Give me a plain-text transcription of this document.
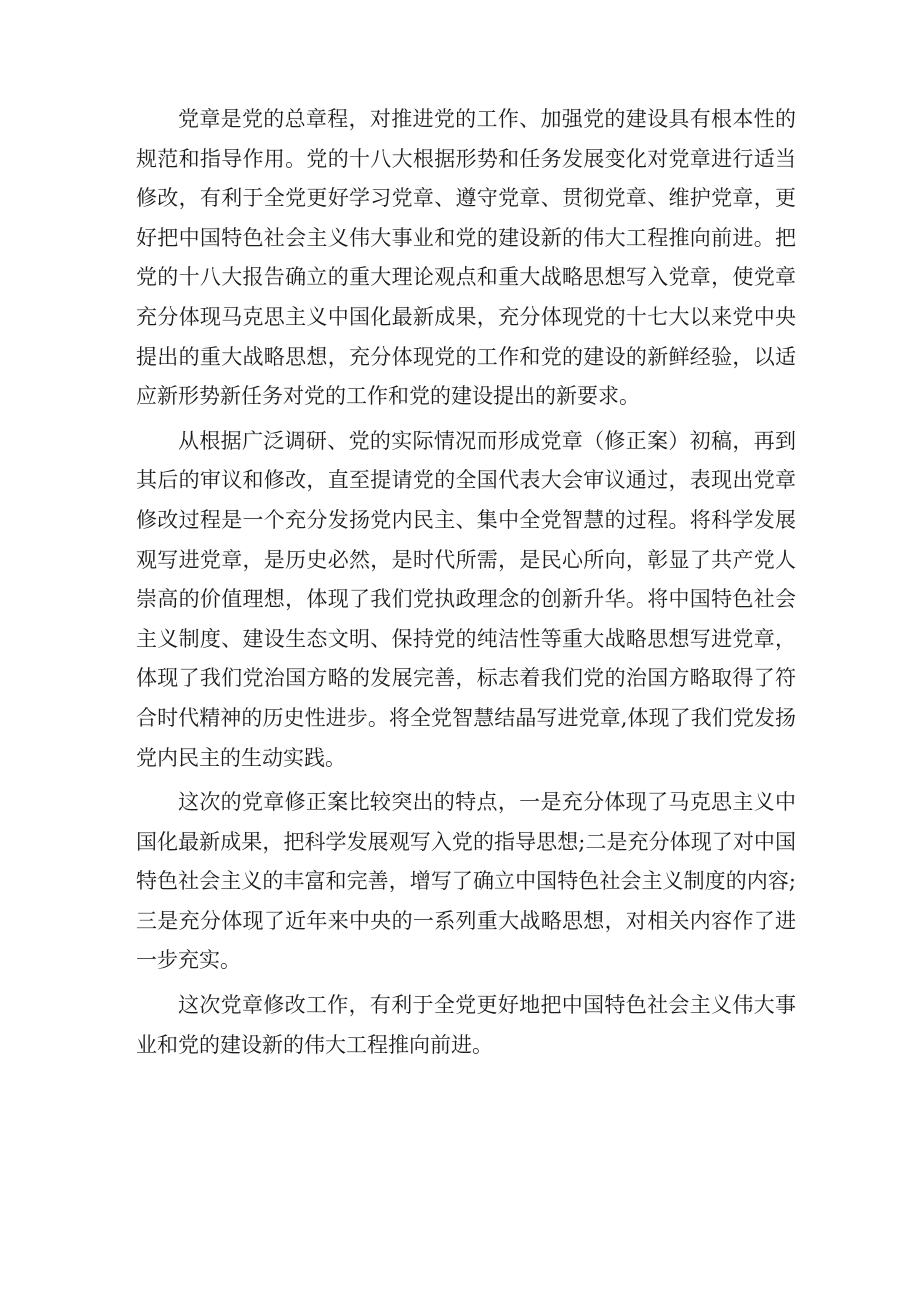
党章是党的总章程，对推进党的工作、加强党的建设具有根本性的规范和指导作用。党的十八大根据形势和任务发展变化对党章进行适当修改，有利于全党更好学习党章、遵守党章、贯彻党章、维护党章，更好把中国特色社会主义伟大事业和党的建设新的伟大工程推向前进。把党的十八大报告确立的重大理论观点和重大战略思想写入党章，使党章充分体现马克思主义中国化最新成果，充分体现党的十七大以来党中央提出的重大战略思想，充分体现党的工作和党的建设的新鲜经验，以适应新形势新任务对党的工作和党的建设提出的新要求。

从根据广泛调研、党的实际情况而形成党章（修正案）初稿，再到其后的审议和修改，直至提请党的全国代表大会审议通过，表现出党章修改过程是一个充分发扬党内民主、集中全党智慧的过程。将科学发展观写进党章，是历史必然，是时代所需，是民心所向，彰显了共产党人崇高的价值理想，体现了我们党执政理念的创新升华。将中国特色社会主义制度、建设生态文明、保持党的纯洁性等重大战略思想写进党章，体现了我们党治国方略的发展完善，标志着我们党的治国方略取得了符合时代精神的历史性进步。将全党智慧结晶写进党章,体现了我们党发扬党内民主的生动实践。

这次的党章修正案比较突出的特点，一是充分体现了马克思主义中国化最新成果，把科学发展观写入党的指导思想;二是充分体现了对中国特色社会主义的丰富和完善，增写了确立中国特色社会主义制度的内容;三是充分体现了近年来中央的一系列重大战略思想，对相关内容作了进一步充实。

这次党章修改工作，有利于全党更好地把中国特色社会主义伟大事业和党的建设新的伟大工程推向前进。
